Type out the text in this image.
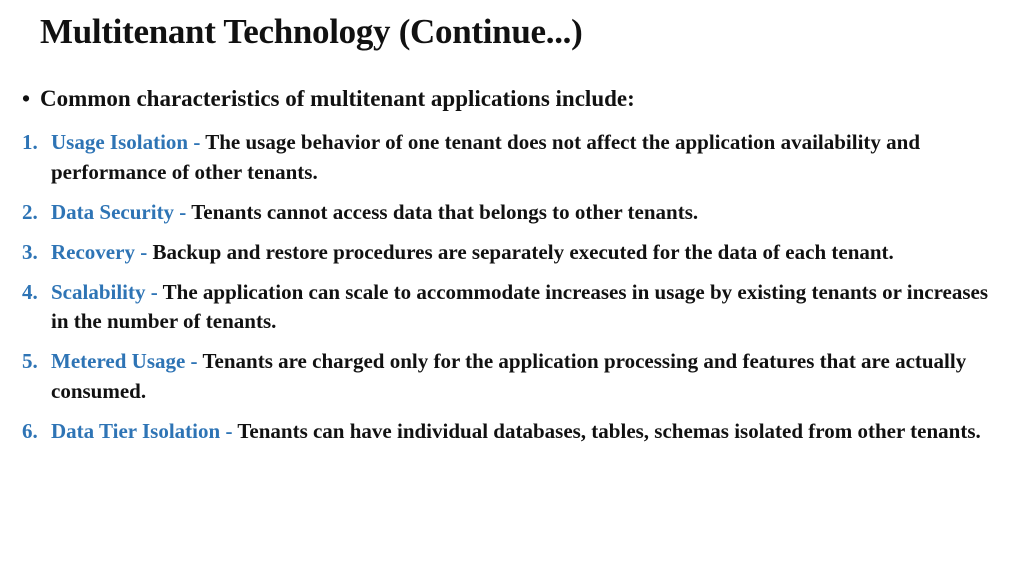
Multitenant Technology (Continue...)
• Common characteristics of multitenant applications include:
1. Usage Isolation - The usage behavior of one tenant does not affect the application availability and performance of other tenants.
2. Data Security - Tenants cannot access data that belongs to other tenants.
3. Recovery - Backup and restore procedures are separately executed for the data of each tenant.
4. Scalability - The application can scale to accommodate increases in usage by existing tenants or increases in the number of tenants.
5. Metered Usage - Tenants are charged only for the application processing and features that are actually consumed.
6. Data Tier Isolation - Tenants can have individual databases, tables, schemas isolated from other tenants.
